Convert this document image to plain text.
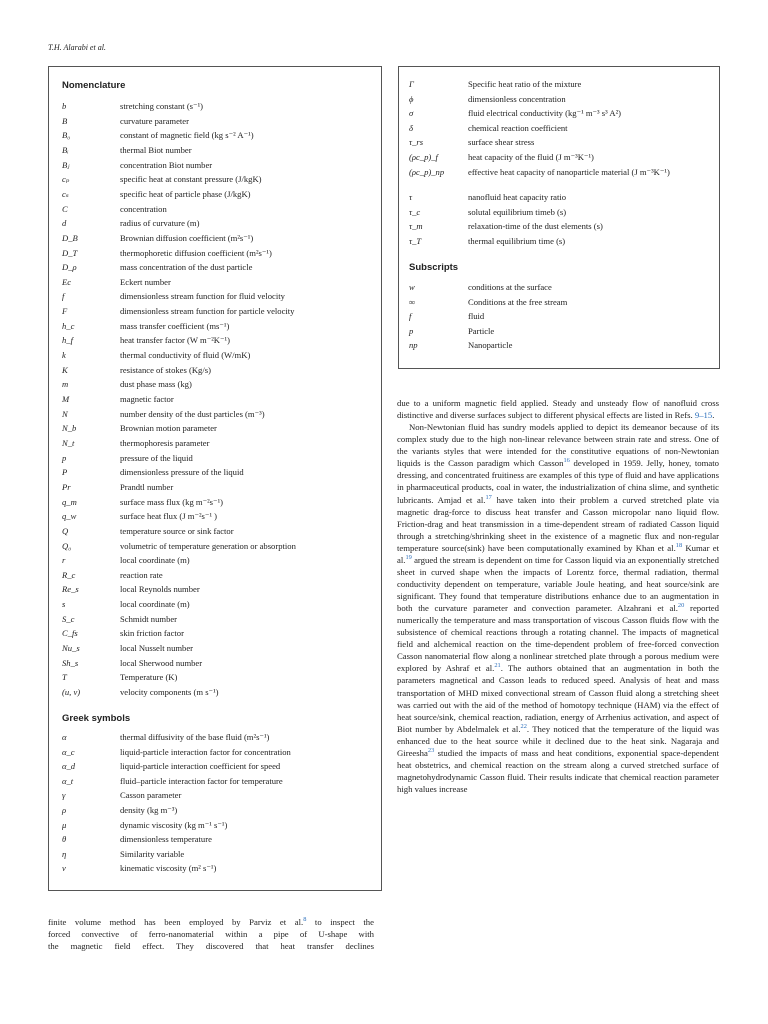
T.H. Alarabi et al.
Nomenclature
b	stretching constant (s⁻¹)
B	curvature parameter
B₀	constant of magnetic field (kg s⁻² A⁻¹)
Bᵢ	thermal Biot number
Bⱼ	concentration Biot number
cₚ	specific heat at constant pressure (J/kgK)
cₛ	specific heat of particle phase (J/kgK)
C	concentration
d	radius of curvature (m)
D_B	Brownian diffusion coefficient (m²s⁻¹)
D_T	thermophoretic diffusion coefficient (m²s⁻¹)
D_ρ	mass concentration of the dust particle
Ec	Eckert number
f	dimensionless stream function for fluid velocity
F	dimensionless stream function for particle velocity
h_c	mass transfer coefficient (ms⁻¹)
h_f	heat transfer factor (W m⁻²K⁻¹)
k	thermal conductivity of fluid (W/mK)
K	resistance of stokes (Kg/s)
m	dust phase mass (kg)
M	magnetic factor
N	number density of the dust particles (m⁻³)
N_b	Brownian motion parameter
N_t	thermophoresis parameter
p	pressure of the liquid
P	dimensionless pressure of the liquid
Pr	Prandtl number
q_m	surface mass flux (kg m⁻²s⁻¹)
q_w	surface heat flux (J m⁻²s⁻¹ )
Q	temperature source or sink factor
Q₀	volumetric of temperature generation or absorption
r	local coordinate (m)
R_c	reaction rate
Re_s	local Reynolds number
s	local coordinate (m)
S_c	Schmidt number
C_fs	skin friction factor
Nu_s	local Nusselt number
Sh_s	local Sherwood number
T	Temperature (K)
(u, v)	velocity components (m s⁻¹)
Greek symbols
α	thermal diffusivity of the base fluid (m²s⁻¹)
α_c	liquid-particle interaction factor for concentration
α_d	liquid-particle interaction coefficient for speed
α_t	fluid–particle interaction factor for temperature
γ	Casson parameter
ρ	density (kg m⁻³)
μ	dynamic viscosity (kg m⁻¹ s⁻¹)
θ	dimensionless temperature
η	Similarity variable
ν	kinematic viscosity (m² s⁻¹)
Γ	Specific heat ratio of the mixture
ϕ	dimensionless concentration
σ	fluid electrical conductivity (kg⁻¹ m⁻³ s³ A²)
δ	chemical reaction coefficient
τ_rs	surface shear stress
(ρc_p)_f	heat capacity of the fluid (J m⁻³K⁻¹)
(ρc_p)_np	effective heat capacity of nanoparticle material (J m⁻³K⁻¹)
τ	nanofluid heat capacity ratio
τ_c	solutal equilibrium timeb (s)
τ_m	relaxation-time of the dust elements (s)
τ_T	thermal equilibrium time (s)
Subscripts
w	conditions at the surface
∞	Conditions at the free stream
f	fluid
p	Particle
np	Nanoparticle
finite volume method has been employed by Parviz et al.$^8$ to inspect the
forced convective of ferro-nanomaterial within a pipe of U-shape with
the magnetic field effect. They discovered that heat transfer declines

due to a uniform magnetic field applied. Steady and unsteady flow of nanofluid cross distinctive and diverse surfaces subject to different physical effects are listed in Refs. 9–15.

Non-Newtonian fluid has sundry models applied to depict its demeanor because of its complex study due to the high non-linear relevance between strain rate and stress. One of the variants styles that were intended for the constitutive equations of non-Newtonian liquids is the Casson paradigm which Casson$^{16}$ developed in 1959. Jelly, honey, tomato dressing, and concentrated fruitiness are examples of this type of fluid and have applications in pharmaceutical products, coal in water, the industrialization of china slime, and synthetic lubricants. Amjad et al.$^{17}$ have taken into their problem a curved stretched plate via magnetic drag-force to discuss heat transfer and Casson micropolar nano liquid flow. Friction-drag and heat transmission in a time-dependent stream of radiated Casson liquid through a stretching/shrinking sheet in the existence of a magnetic flux and non-regular temperature source(sink) have been computationally examined by Khan et al.$^{18}$ Kumar et al.$^{19}$ argued the stream is dependent on time for Casson liquid via an exponentially stretched sheet in curved shape when the impacts of Lorentz force, thermal radiation, thermal conductivity dependent on temperature, variable Joule heating, and heat source/sink are significant. They found that temperature distributions enhance due to an augmentation in both the curvature parameter and convection parameter. Alzahrani et al.$^{20}$ reported numerically the temperature and mass transportation of viscous Casson fluids flow with the subsistence of chemical reactions through a rotating channel. The impacts of magnetical field and alchemical reaction on the time-dependent problem of free-forced convection Casson nanomaterial flow along a nonlinear stretched plate through a porous medium were explored by Ashraf et al.$^{21}$. The authors obtained that an augmentation in both the parameters magnetical and Casson leads to reduced speed. Analysis of heat and mass transportation of MHD mixed convectional stream of Casson fluid along a stretching sheet was carried out with the aid of the method of homotopy technique (HAM) via the effect of heat source/sink, chemical reaction, radiation, energy of Arrhenius activation, and aspect of Biot number by Abdelmalek et al.$^{22}$. They noticed that the temperature of the liquid was enhanced due to the heat source while it declined due to the heat sink. Nagaraja and Gireesha$^{23}$ studied the impacts of mass and heat conditions, exponential space-dependent heat obstetrics, and chemical reaction on the stream along a curved stretched surface of magnetohydrodynamic Casson fluid. Their results indicate that chemical reaction parameter high values increase
